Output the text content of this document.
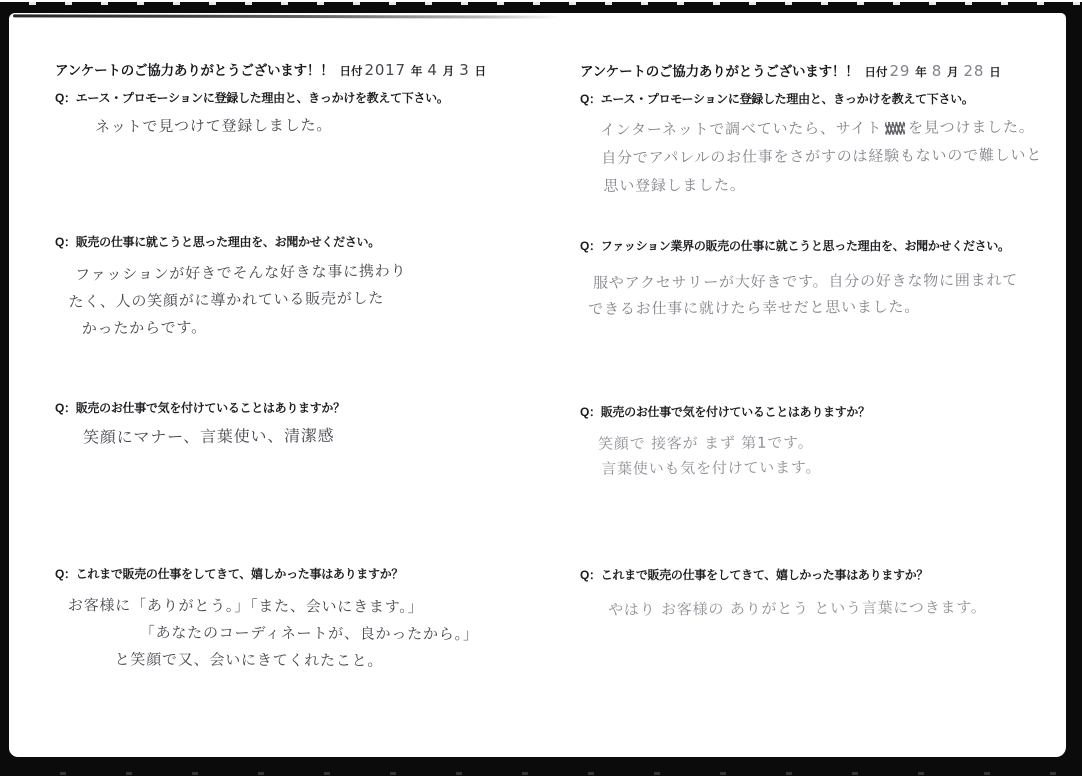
アンケートのご協力ありがとうございます！！ 日付 2017 年 4 月 3 日
Q：エース・プロモーションに登録した理由と、きっかけを教えて下さい。
ネットで見つけて登録しました。
Q：販売の仕事に就こうと思った理由を、お聞かせください。
ファッションが好きでそんな好きな事に携わり
たく、人の笑顔がに導かれている販売がした
かったからです。
Q：販売のお仕事で気を付けていることはありますか？
笑顔にマナー、言葉使い、清潔感
Q：これまで販売の仕事をしてきて、嬉しかった事はありますか？
お客様に「ありがとう。」「また、会いにきます。」
「あなたのコーディネートが、良かったから。」
と笑顔で又、会いにきてくれたこと。
アンケートのご協力ありがとうございます！！ 日付 29 年 8 月 28 日
Q：エース・プロモーションに登録した理由と、きっかけを教えて下さい。
インターネットで調べていたら、サイト を見つけました。
自分でアパレルのお仕事をさがすのは経験もないので難しいと
思い登録しました。
Q：ファッション業界の販売の仕事に就こうと思った理由を、お聞かせください。
服やアクセサリーが大好きです。自分の好きな物に囲まれて
できるお仕事に就けたら幸せだと思いました。
Q：販売のお仕事で気を付けていることはありますか？
笑顔で 接客が まず 第1です。
言葉使いも気を付けています。
Q：これまで販売の仕事をしてきて、嬉しかった事はありますか？
やはり お客様の ありがとう という言葉につきます。
